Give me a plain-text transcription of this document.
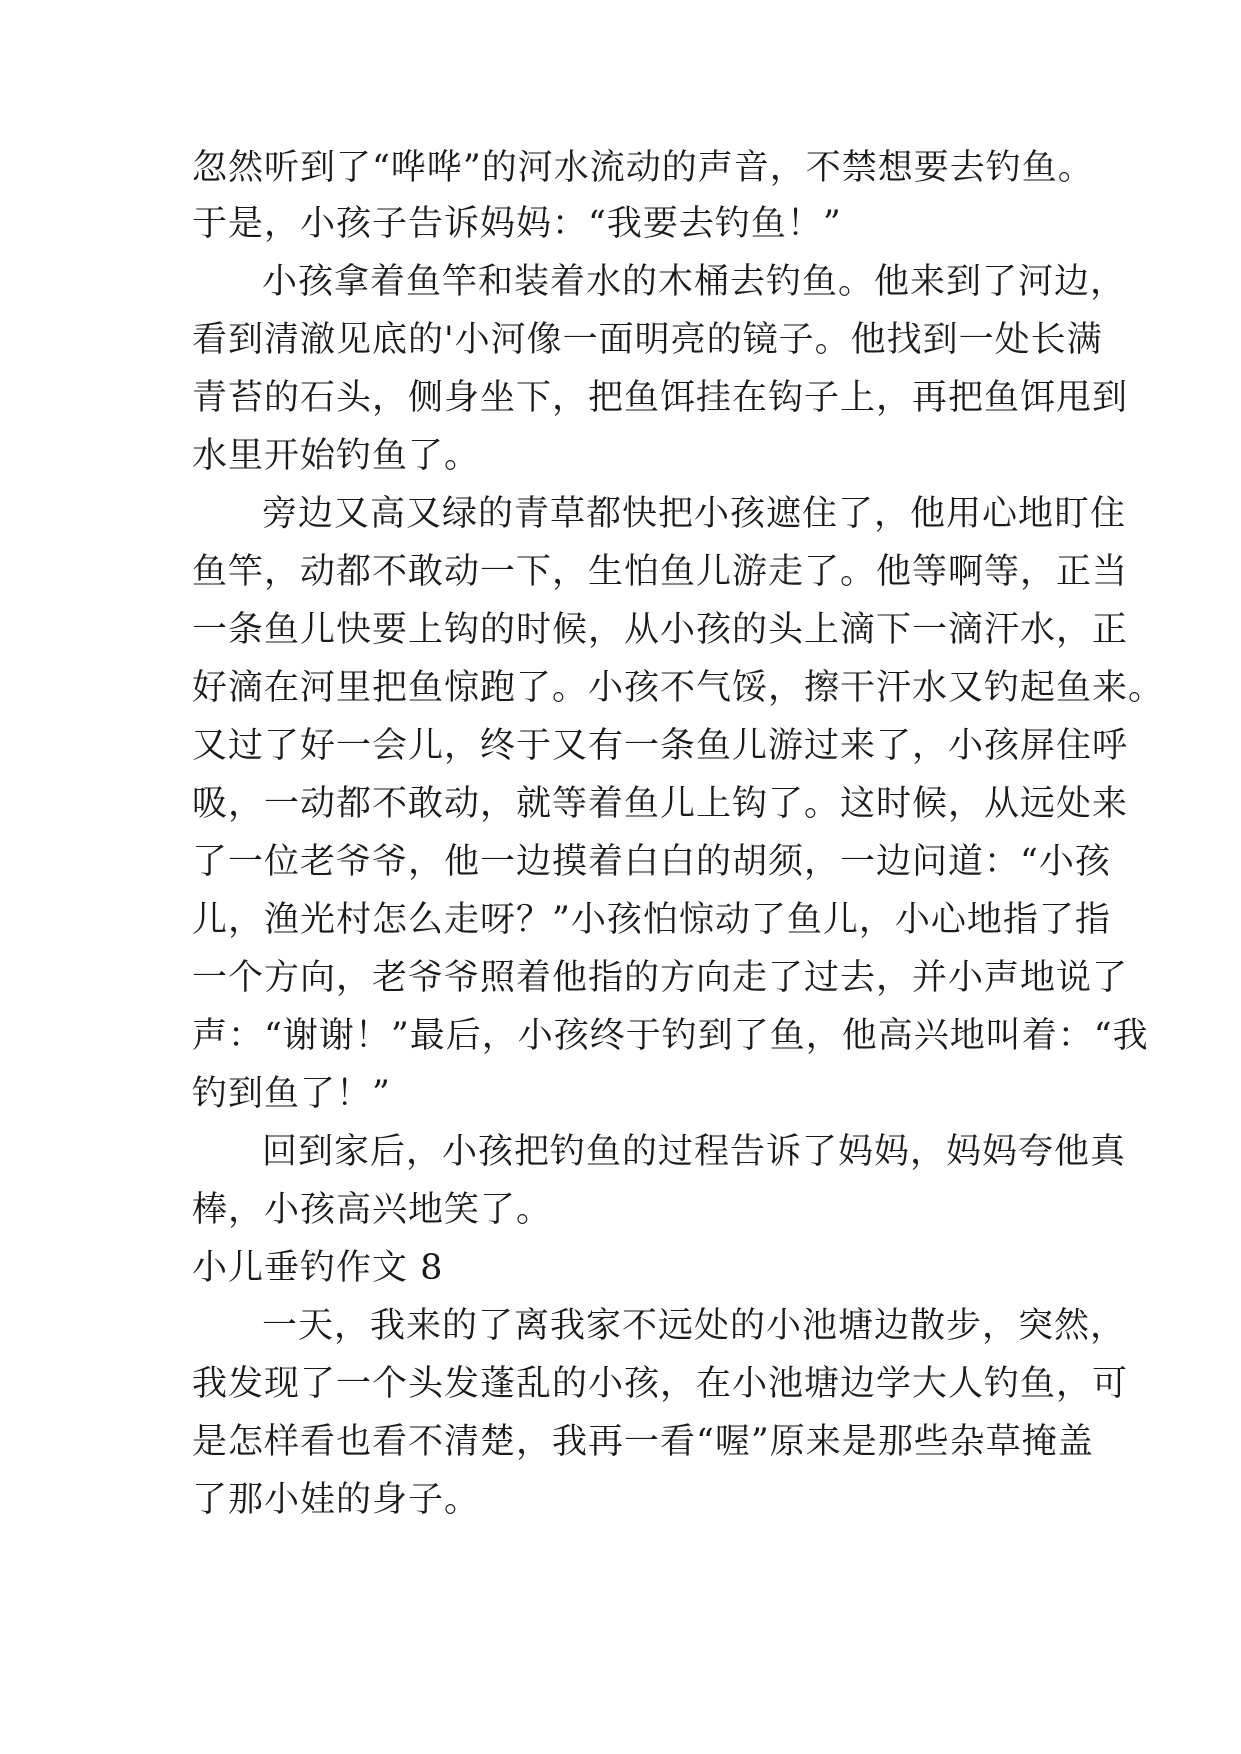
忽然听到了“哗哗”的河水流动的声音，不禁想要去钓鱼。
于是，小孩子告诉妈妈：“我要去钓鱼！”
小孩拿着鱼竿和装着水的木桶去钓鱼。他来到了河边，
看到清澈见底的'小河像一面明亮的镜子。他找到一处长满
青苔的石头，侧身坐下，把鱼饵挂在钩子上，再把鱼饵甩到
水里开始钓鱼了。
旁边又高又绿的青草都快把小孩遮住了，他用心地盯住
鱼竿，动都不敢动一下，生怕鱼儿游走了。他等啊等，正当
一条鱼儿快要上钩的时候，从小孩的头上滴下一滴汗水，正
好滴在河里把鱼惊跑了。小孩不气馁，擦干汗水又钓起鱼来。
又过了好一会儿，终于又有一条鱼儿游过来了，小孩屏住呼
吸，一动都不敢动，就等着鱼儿上钩了。这时候，从远处来
了一位老爷爷，他一边摸着白白的胡须，一边问道：“小孩
儿，渔光村怎么走呀？”小孩怕惊动了鱼儿，小心地指了指
一个方向，老爷爷照着他指的方向走了过去，并小声地说了
声：“谢谢！”最后，小孩终于钓到了鱼，他高兴地叫着：“我
钓到鱼了！”
回到家后，小孩把钓鱼的过程告诉了妈妈，妈妈夸他真
棒，小孩高兴地笑了。
小儿垂钓作文 8
一天，我来的了离我家不远处的小池塘边散步，突然，
我发现了一个头发蓬乱的小孩，在小池塘边学大人钓鱼，可
是怎样看也看不清楚，我再一看“喔”原来是那些杂草掩盖
了那小娃的身子。
